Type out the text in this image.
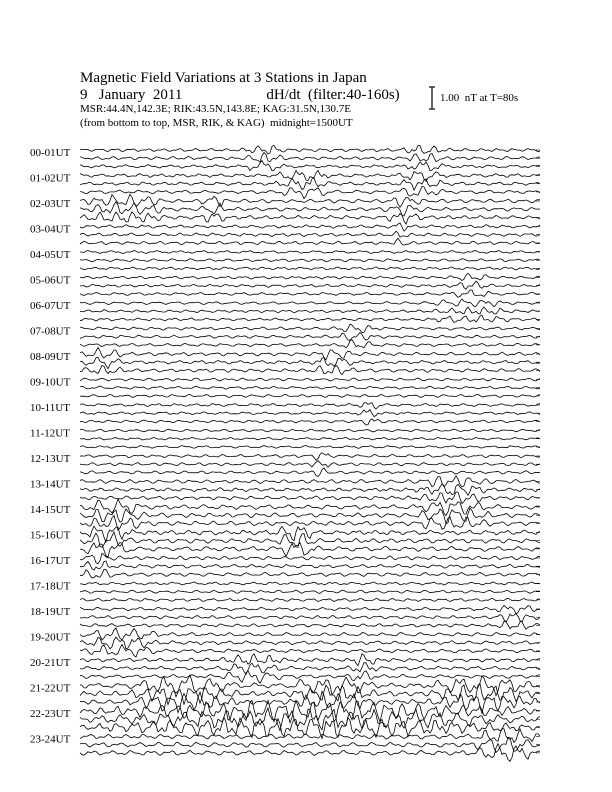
Magnetic Field Variations at 3 Stations in Japan
9   January  2011	dH/dt  (filter:40-160s)
MSR:44.4N,142.3E; RIK:43.5N,143.8E; KAG:31.5N,130.7E
(from bottom to top, MSR, RIK, & KAG)  midnight=1500UT
1.00  nT at T=80s
00-01UT
01-02UT
02-03UT
03-04UT
04-05UT
05-06UT
06-07UT
07-08UT
08-09UT
09-10UT
10-11UT
11-12UT
12-13UT
13-14UT
14-15UT
15-16UT
16-17UT
17-18UT
18-19UT
19-20UT
20-21UT
21-22UT
22-23UT
23-24UT
